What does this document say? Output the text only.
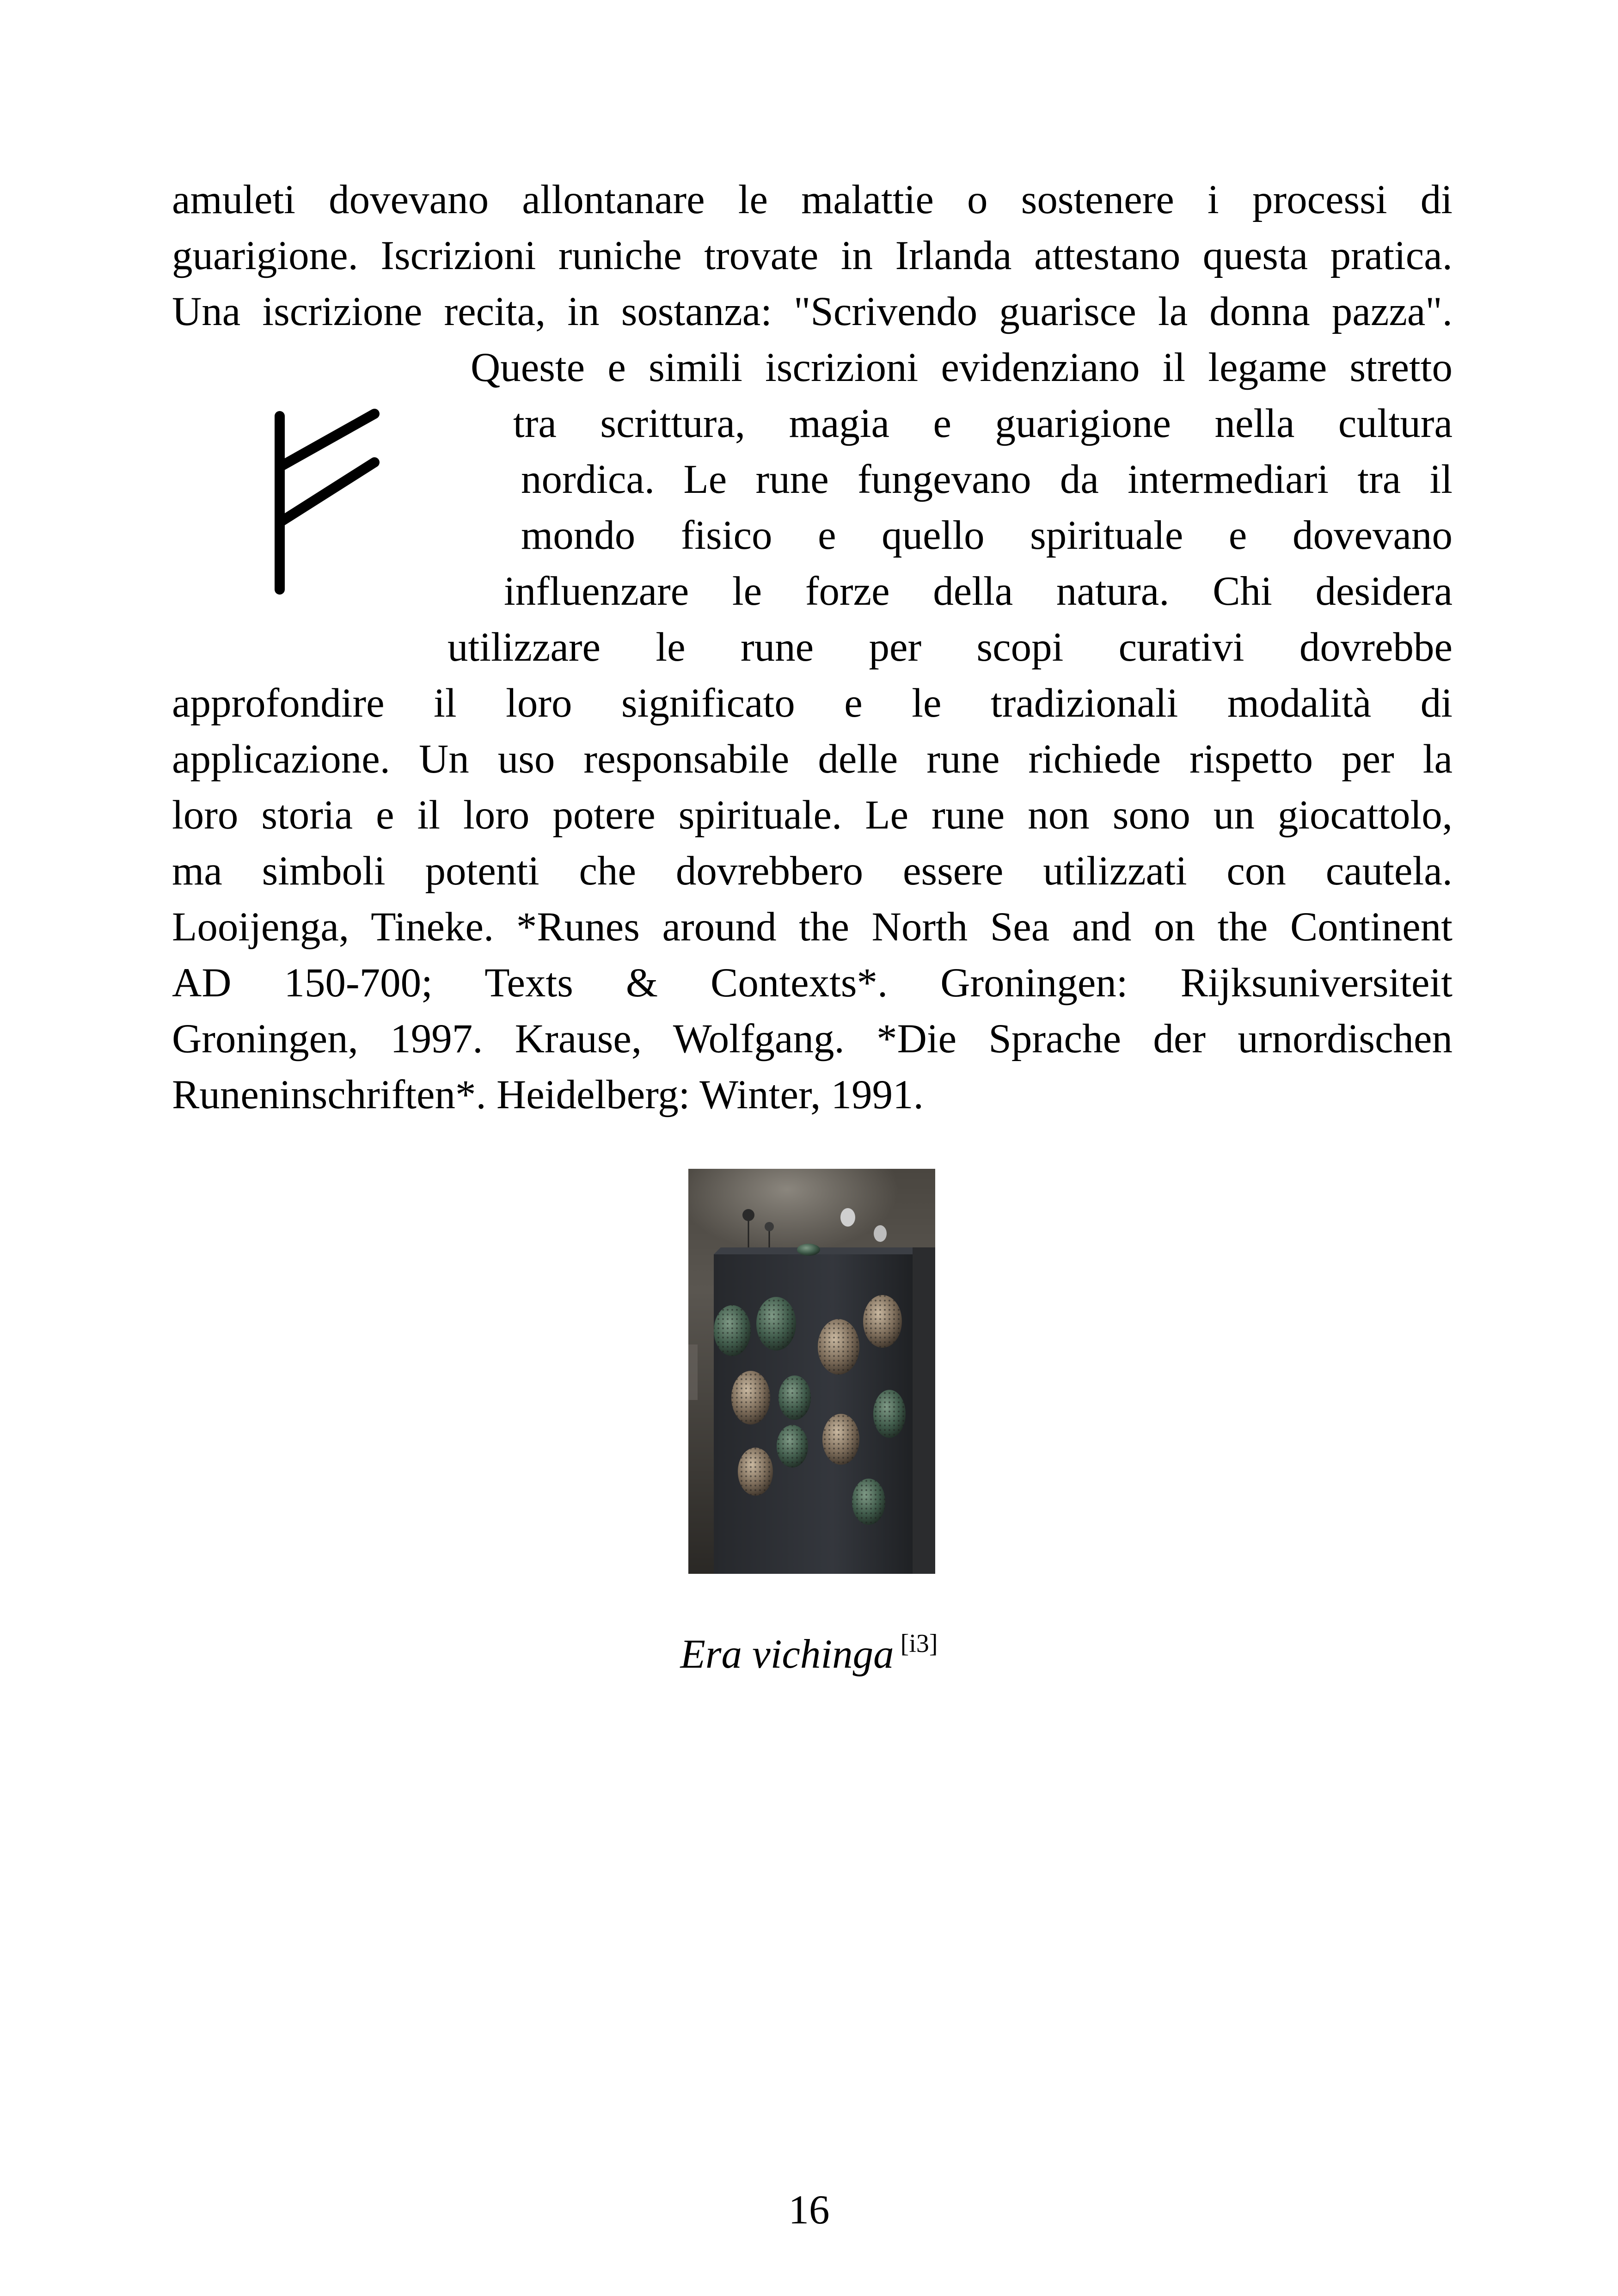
amuleti dovevano allontanare le malattie o sostenere i processi di
guarigione. Iscrizioni runiche trovate in Irlanda attestano questa pratica.
Una iscrizione recita, in sostanza: "Scrivendo guarisce la donna pazza".
Queste e simili iscrizioni evidenziano il legame stretto
tra scrittura, magia e guarigione nella cultura
nordica. Le rune fungevano da intermediari tra il
mondo fisico e quello spirituale e dovevano
influenzare le forze della natura. Chi desidera
utilizzare le rune per scopi curativi dovrebbe
approfondire il loro significato e le tradizionali modalità di
applicazione. Un uso responsabile delle rune richiede rispetto per la
loro storia e il loro potere spirituale. Le rune non sono un giocattolo,
ma simboli potenti che dovrebbero essere utilizzati con cautela.
Looijenga, Tineke. *Runes around the North Sea and on the Continent
AD 150-700; Texts & Contexts*. Groningen: Rijksuniversiteit
Groningen, 1997. Krause, Wolfgang. *Die Sprache der urnordischen
Runeninschriften*. Heidelberg: Winter, 1991.
Era vichinga [i3]
16
